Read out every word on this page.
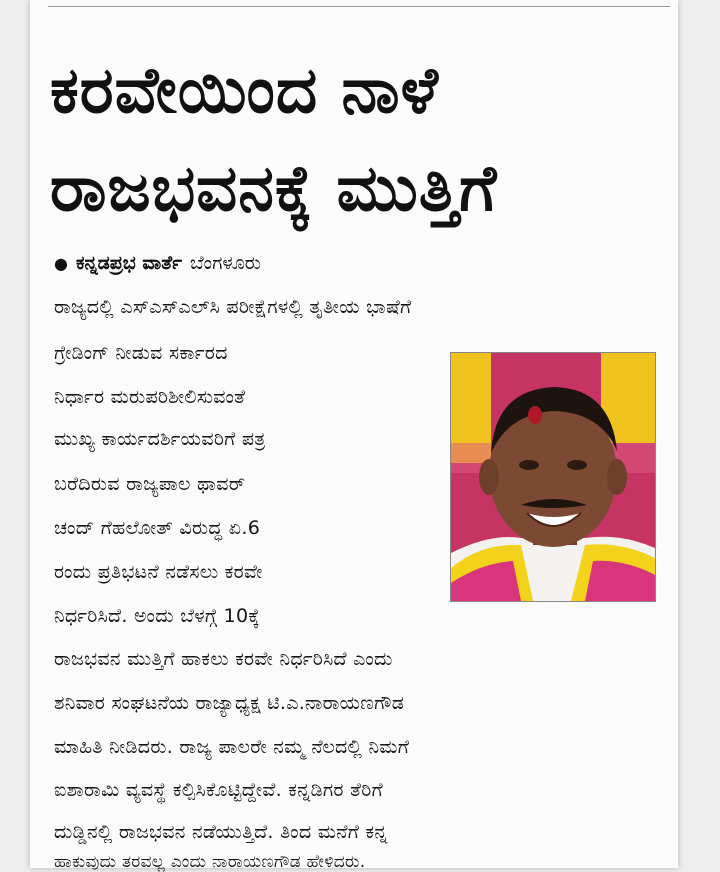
ಕರವೇಯಿಂದ ನಾಳೆ
ರಾಜಭವನಕ್ಕೆ ಮುತ್ತಿಗೆ
● ಕನ್ನಡಪ್ರಭ ವಾರ್ತೆ ಬೆಂಗಳೂರು
ರಾಜ್ಯದಲ್ಲಿ ಎಸ್‌ಎಸ್‌ಎಲ್‌ಸಿ ಪರೀಕ್ಷೆಗಳಲ್ಲಿ ತೃತೀಯ ಭಾಷೆಗೆ
ಗ್ರೇಡಿಂಗ್ ನೀಡುವ ಸರ್ಕಾರದ
ನಿರ್ಧಾರ ಮರುಪರಿಶೀಲಿಸುವಂತೆ
ಮುಖ್ಯ ಕಾರ್ಯದರ್ಶಿಯವರಿಗೆ ಪತ್ರ
ಬರೆದಿರುವ ರಾಜ್ಯಪಾಲ ಥಾವರ್
ಚಂದ್ ಗೆಹಲೋತ್ ವಿರುದ್ಧ ಏ.6
ರಂದು ಪ್ರತಿಭಟನೆ ನಡೆಸಲು ಕರವೇ
ನಿರ್ಧರಿಸಿದೆ. ಅಂದು ಬೆಳಗ್ಗೆ 10ಕ್ಕೆ
ರಾಜಭವನ ಮುತ್ತಿಗೆ ಹಾಕಲು ಕರವೇ ನಿರ್ಧರಿಸಿದೆ ಎಂದು
ಶನಿವಾರ ಸಂಘಟನೆಯ ರಾಜ್ಯಾಧ್ಯಕ್ಷ ಟಿ.ಎ.ನಾರಾಯಣಗೌಡ
ಮಾಹಿತಿ ನೀಡಿದರು. ರಾಜ್ಯ ಪಾಲರೇ ನಮ್ಮ ನೆಲದಲ್ಲಿ ನಿಮಗೆ
ಐಶಾರಾಮಿ ವ್ಯವಸ್ಥೆ ಕಲ್ಪಿಸಿಕೊಟ್ಟಿದ್ದೇವೆ. ಕನ್ನಡಿಗರ ತೆರಿಗೆ
ದುಡ್ಡಿನಲ್ಲಿ ರಾಜಭವನ ನಡೆಯುತ್ತಿದೆ. ತಿಂದ ಮನೆಗೆ ಕನ್ನ
ಹಾಕುವುದು ತರವಲ್ಲ ಎಂದು ನಾರಾಯಣಗೌಡ ಹೇಳಿದರು.
